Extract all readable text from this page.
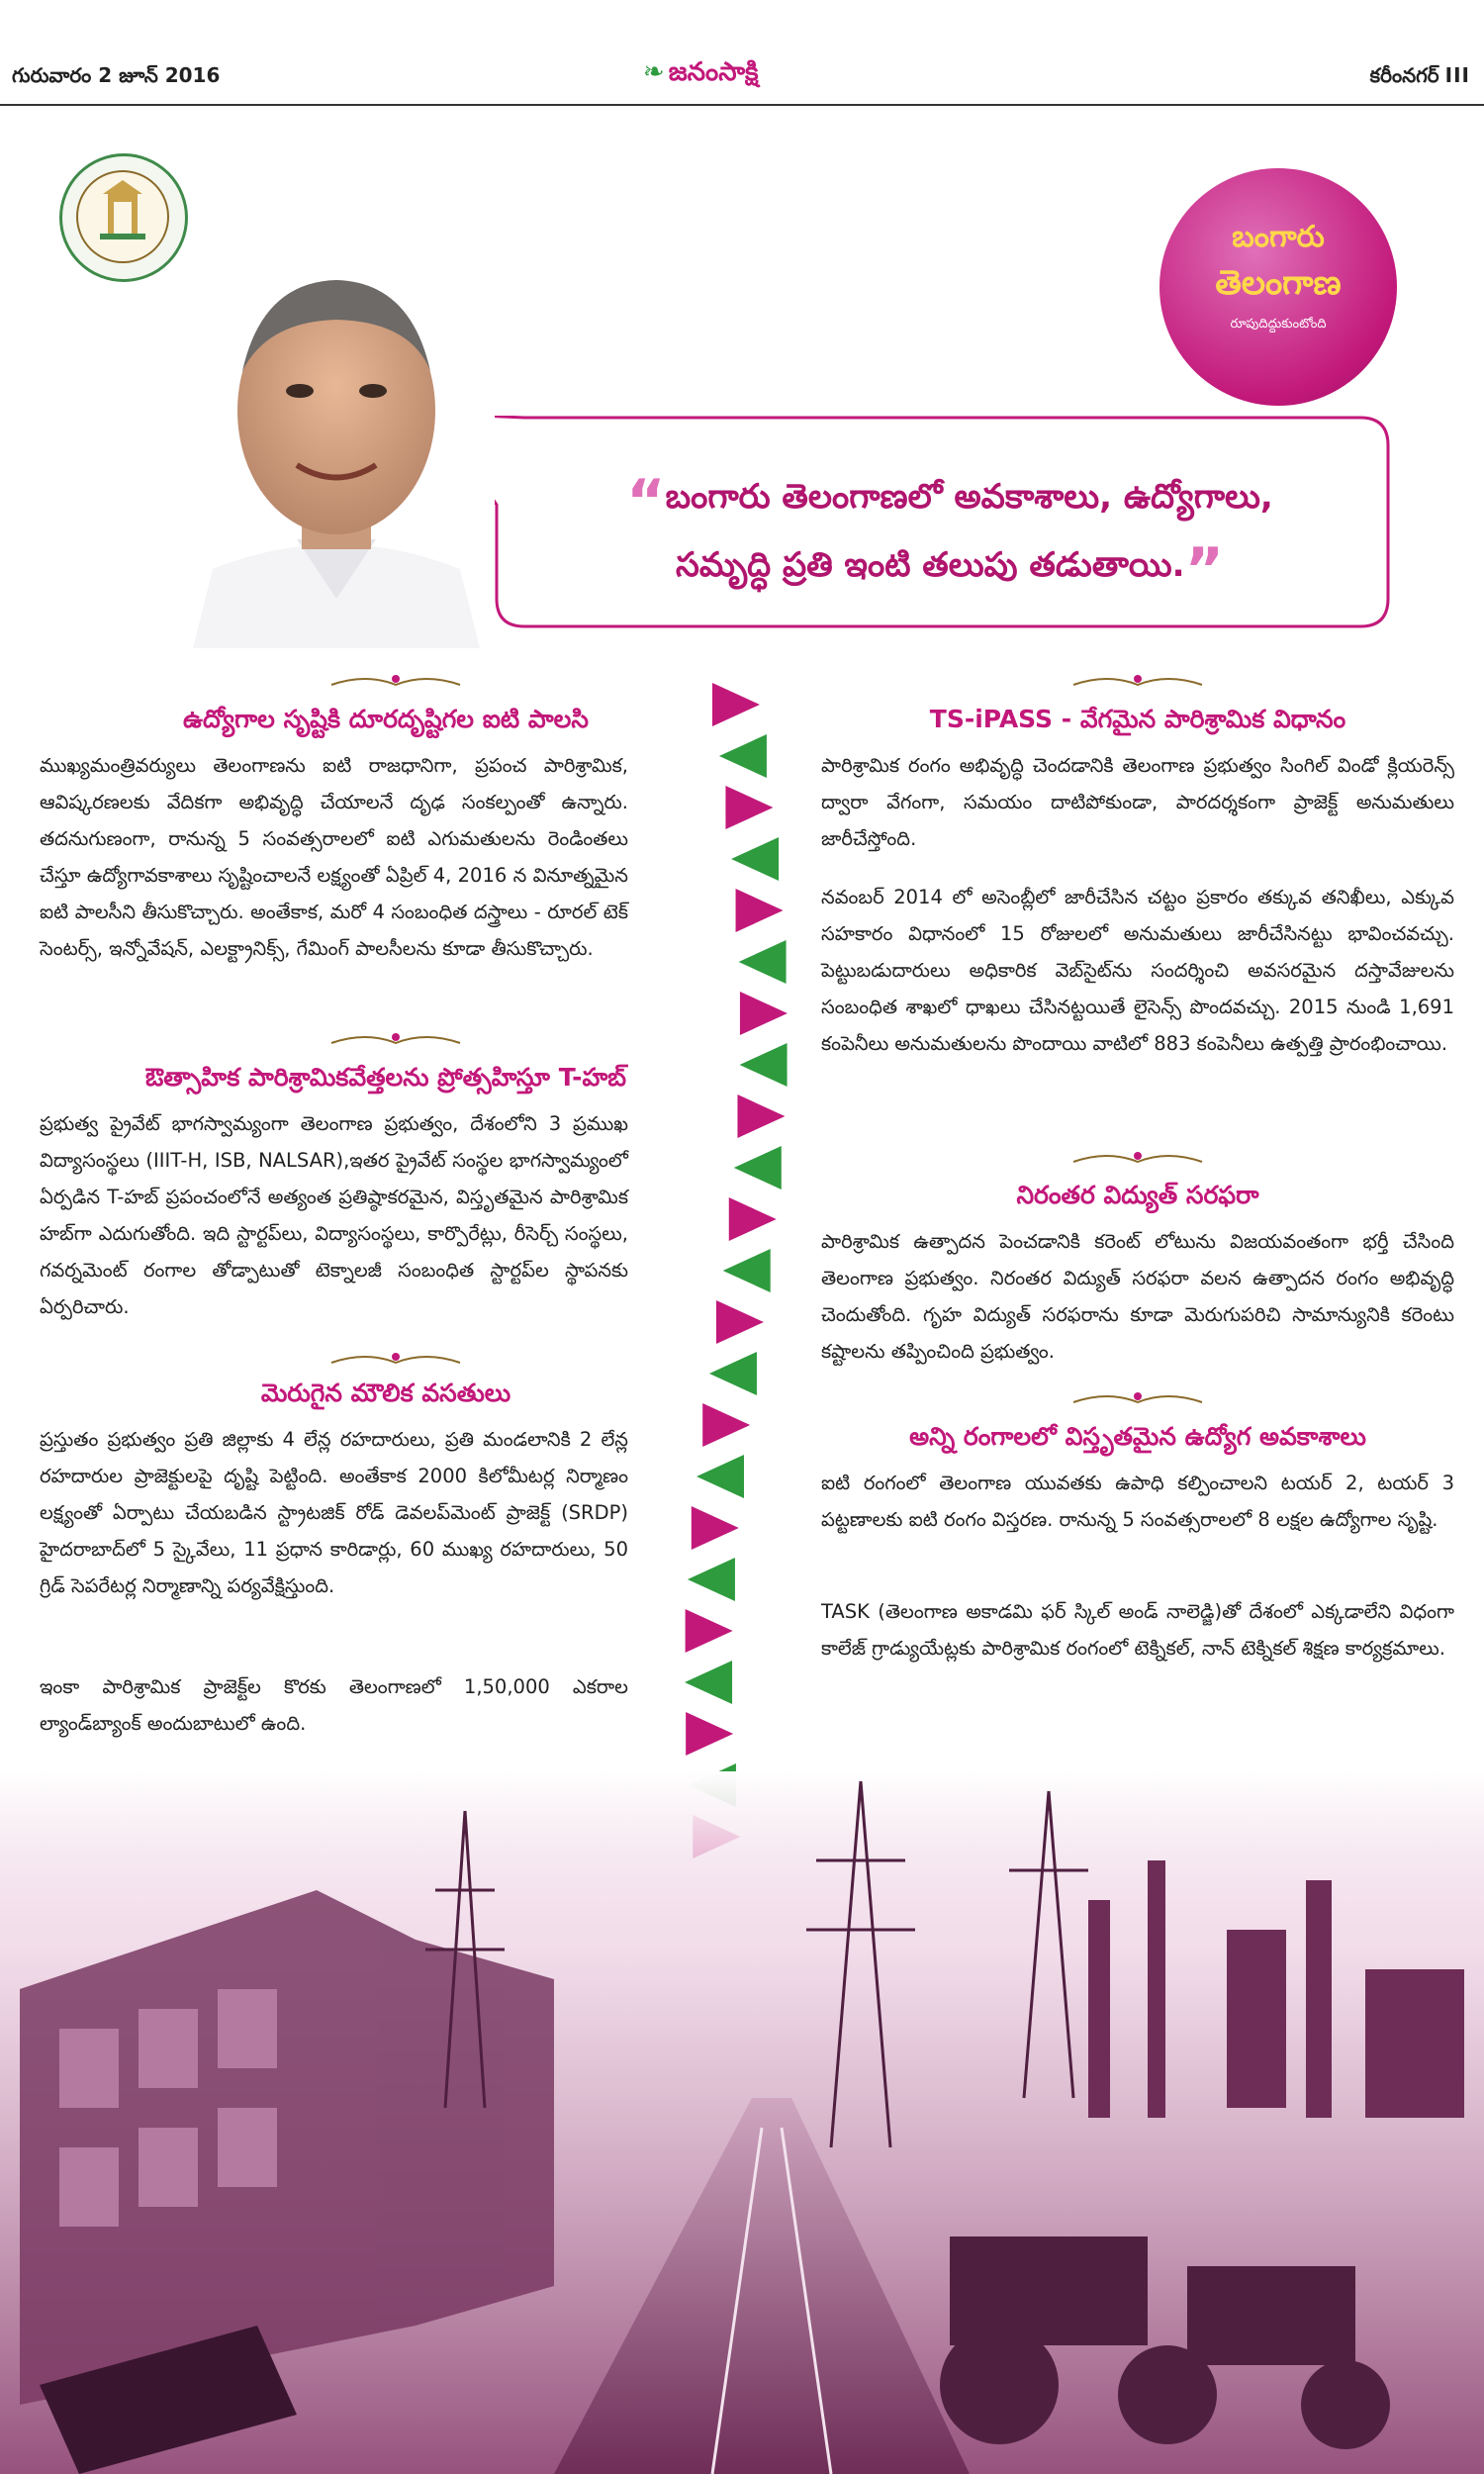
గురువారం 2 జూన్ 2016	❧ జనంసాక్షి	కరీంనగర్ III
బంగారు
తెలంగాణ
రూపుదిద్దుకుంటోంది
“బంగారు తెలంగాణలో అవకాశాలు, ఉద్యోగాలు,
సమృద్ధి ప్రతి ఇంటి తలుపు తడుతాయి.”
ఉద్యోగాల సృష్టికి దూరదృష్టిగల ఐటి పాలసి
ముఖ్యమంత్రివర్యులు తెలంగాణను ఐటి రాజధానిగా, ప్రపంచ పారిశ్రామిక, ఆవిష్కరణలకు వేదికగా అభివృద్ధి చేయాలనే దృఢ సంకల్పంతో ఉన్నారు. తదనుగుణంగా, రానున్న 5 సంవత్సరాలలో ఐటి ఎగుమతులను రెండింతలు చేస్తూ ఉద్యోగావకాశాలు సృష్టించాలనే లక్ష్యంతో ఏప్రిల్ 4, 2016 న వినూత్నమైన ఐటి పాలసీని తీసుకొచ్చారు. అంతేకాక, మరో 4 సంబంధిత దస్త్రాలు - రూరల్ టెక్ సెంటర్స్, ఇన్నోవేషన్, ఎలక్ట్రానిక్స్, గేమింగ్ పాలసీలను కూడా తీసుకొచ్చారు.
ఔత్సాహిక పారిశ్రామికవేత్తలను ప్రోత్సహిస్తూ T-హబ్
ప్రభుత్వ ప్రైవేట్ భాగస్వామ్యంగా తెలంగాణ ప్రభుత్వం, దేశంలోని 3 ప్రముఖ విద్యాసంస్థలు (IIIT-H, ISB, NALSAR),ఇతర ప్రైవేట్ సంస్థల భాగస్వామ్యంలో ఏర్పడిన T-హబ్ ప్రపంచంలోనే అత్యంత ప్రతిష్ఠాకరమైన, విస్తృతమైన పారిశ్రామిక హబ్‌గా ఎదుగుతోంది. ఇది స్టార్టప్‌లు, విద్యాసంస్థలు, కార్పొరేట్లు, రీసెర్చ్ సంస్థలు, గవర్నమెంట్ రంగాల తోడ్పాటుతో టెక్నాలజీ సంబంధిత స్టార్టప్‌ల స్థాపనకు ఏర్పరిచారు.
మెరుగైన మౌలిక వసతులు
ప్రస్తుతం ప్రభుత్వం ప్రతి జిల్లాకు 4 లేన్ల రహదారులు, ప్రతి మండలానికి 2 లేన్ల రహదారుల ప్రాజెక్టులపై దృష్టి పెట్టింది. అంతేకాక 2000 కిలోమీటర్ల నిర్మాణం లక్ష్యంతో ఏర్పాటు చేయబడిన స్ట్రాటజిక్ రోడ్ డెవలప్‌మెంట్ ప్రాజెక్ట్ (SRDP) హైదరాబాద్‌లో 5 స్కైవేలు, 11 ప్రధాన కారిడార్లు, 60 ముఖ్య రహదారులు, 50 గ్రిడ్ సెపరేటర్ల నిర్మాణాన్ని పర్యవేక్షిస్తుంది.
ఇంకా పారిశ్రామిక ప్రాజెక్ట్‌ల కొరకు తెలంగాణలో 1,50,000 ఎకరాల ల్యాండ్‌బ్యాంక్ అందుబాటులో ఉంది.
TS-iPASS - వేగమైన పారిశ్రామిక విధానం
పారిశ్రామిక రంగం అభివృద్ధి చెందడానికి తెలంగాణ ప్రభుత్వం సింగిల్ విండో క్లియరెన్స్ ద్వారా వేగంగా, సమయం దాటిపోకుండా, పారదర్శకంగా ప్రాజెక్ట్ అనుమతులు జారీచేస్తోంది.
నవంబర్ 2014 లో అసెంబ్లీలో జారీచేసిన చట్టం ప్రకారం తక్కువ తనిఖీలు, ఎక్కువ సహకారం విధానంలో 15 రోజులలో అనుమతులు జారీచేసినట్టు భావించవచ్చు. పెట్టుబడుదారులు అధికారిక వెబ్‌సైట్‌ను సందర్శించి అవసరమైన దస్తావేజులను సంబంధిత శాఖలో ధాఖలు చేసినట్టయితే లైసెన్స్ పొందవచ్చు. 2015 నుండి 1,691 కంపెనీలు అనుమతులను పొందాయి వాటిలో 883 కంపెనీలు ఉత్పత్తి ప్రారంభించాయి.
నిరంతర విద్యుత్ సరఫరా
పారిశ్రామిక ఉత్పాదన పెంచడానికి కరెంట్ లోటును విజయవంతంగా భర్తీ చేసింది తెలంగాణ ప్రభుత్వం. నిరంతర విద్యుత్ సరఫరా వలన ఉత్పాదన రంగం అభివృద్ధి చెందుతోంది. గృహ విద్యుత్ సరఫరాను కూడా మెరుగుపరిచి సామాన్యునికి కరెంటు కష్టాలను తప్పించింది ప్రభుత్వం.
అన్ని రంగాలలో విస్తృతమైన ఉద్యోగ అవకాశాలు
ఐటి రంగంలో తెలంగాణ యువతకు ఉపాధి కల్పించాలని టయర్ 2, టయర్ 3 పట్టణాలకు ఐటి రంగం విస్తరణ. రానున్న 5 సంవత్సరాలలో 8 లక్షల ఉద్యోగాల సృష్టి.
TASK (తెలంగాణ అకాడమి ఫర్ స్కిల్ అండ్ నాలెడ్జి)తో దేశంలో ఎక్కడాలేని విధంగా కాలేజ్ గ్రాడ్యుయేట్లకు పారిశ్రామిక రంగంలో టెక్నికల్, నాన్ టెక్నికల్ శిక్షణ కార్యక్రమాలు.
